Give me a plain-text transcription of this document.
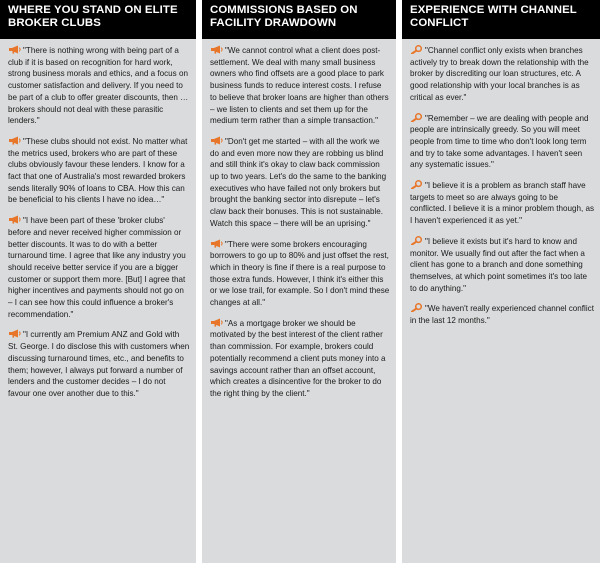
WHERE YOU STAND ON ELITE BROKER CLUBS

"There is nothing wrong with being part of a club if it is based on recognition for hard work, strong business morals and ethics, and a focus on customer satisfaction and delivery. If you need to be part of a club to offer greater discounts, then … brokers should not deal with these parasitic lenders."

"These clubs should not exist. No matter what the metrics used, brokers who are part of these clubs obviously favour these lenders. I know for a fact that one of Australia's most rewarded brokers sends literally 90% of loans to CBA. How this can be beneficial to his clients I have no idea…"

"I have been part of these 'broker clubs' before and never received higher commission or better discounts. It was to do with a better turnaround time. I agree that like any industry you should receive better service if you are a bigger customer or support them more. [But] I agree that higher incentives and payments should not go on – I can see how this could influence a broker's recommendation."

"I currently am Premium ANZ and Gold with St. George. I do disclose this with customers when discussing turnaround times, etc., and benefits to them; however, I always put forward a number of lenders and the customer decides – I do not favour one over another due to this."

COMMISSIONS BASED ON FACILITY DRAWDOWN

"We cannot control what a client does post-settlement. We deal with many small business owners who find offsets are a good place to park business funds to reduce interest costs. I refuse to believe that broker loans are higher than others – we listen to clients and set them up for the medium term rather than a simple transaction."

"Don't get me started – with all the work we do and even more now they are robbing us blind and still think it's okay to claw back commission up to two years. Let's do the same to the banking executives who have failed not only brokers but brought the banking sector into disrepute – let's claw back their bonuses. This is not sustainable. Watch this space – there will be an uprising."

"There were some brokers encouraging borrowers to go up to 80% and just offset the rest, which in theory is fine if there is a real purpose to those extra funds. However, I think it's either this or we lose trail, for example. So I don't mind these changes at all."

"As a mortgage broker we should be motivated by the best interest of the client rather than commission. For example, brokers could potentially recommend a client puts money into a savings account rather than an offset account, which creates a disincentive for the broker to do the right thing by the client."

EXPERIENCE WITH CHANNEL CONFLICT

"Channel conflict only exists when branches actively try to break down the relationship with the broker by discrediting our loan structures, etc. A good relationship with your local branches is as critical as ever."

"Remember – we are dealing with people and people are intrinsically greedy. So you will meet people from time to time who don't look long term and try to take some advantages. I haven't seen any systematic issues."

"I believe it is a problem as branch staff have targets to meet so are always going to be conflicted. I believe it is a minor problem though, as I haven't experienced it as yet."

"I believe it exists but it's hard to know and monitor. We usually find out after the fact when a client has gone to a branch and done something themselves, at which point sometimes it's too late to do anything."

"We haven't really experienced channel conflict in the last 12 months."
